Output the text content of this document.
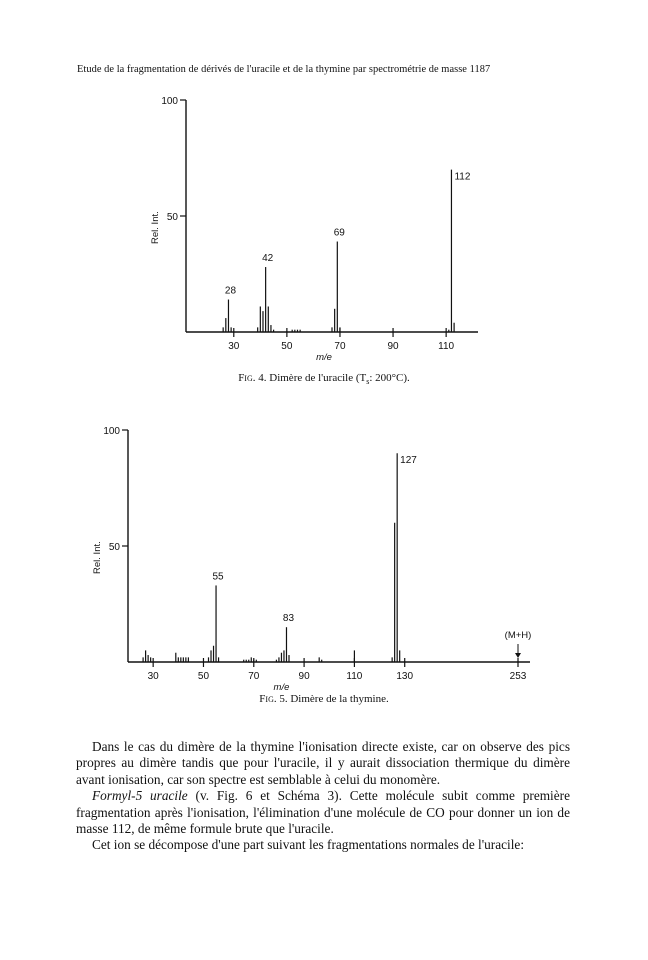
Etude de la fragmentation de dérivés de l'uracile et de la thymine par spectrométrie de masse 1187
50
100
Rel. Int.
30	50	70	90	110
m/e
28
42
69
112
Fig. 4. Dimère de l'uracile ($T_s$: 200°C).
50
100
Rel. Int.
30	50	70	90	110	130	253
(M+H)
m/e
55
83
127
Fig. 5. Dimère de la thymine.

Dans le cas du dimère de la thymine l'ionisation directe existe, car on observe des pics propres au dimère tandis que pour l'uracile, il y aurait dissociation thermique du dimère avant ionisation, car son spectre est semblable à celui du monomère.

Formyl-5 uracile (v. Fig. 6 et Schéma 3). Cette molécule subit comme première fragmentation après l'ionisation, l'élimination d'une molécule de CO pour donner un ion de masse 112, de même formule brute que l'uracile.

Cet ion se décompose d'une part suivant les fragmentations normales de l'uracile:
